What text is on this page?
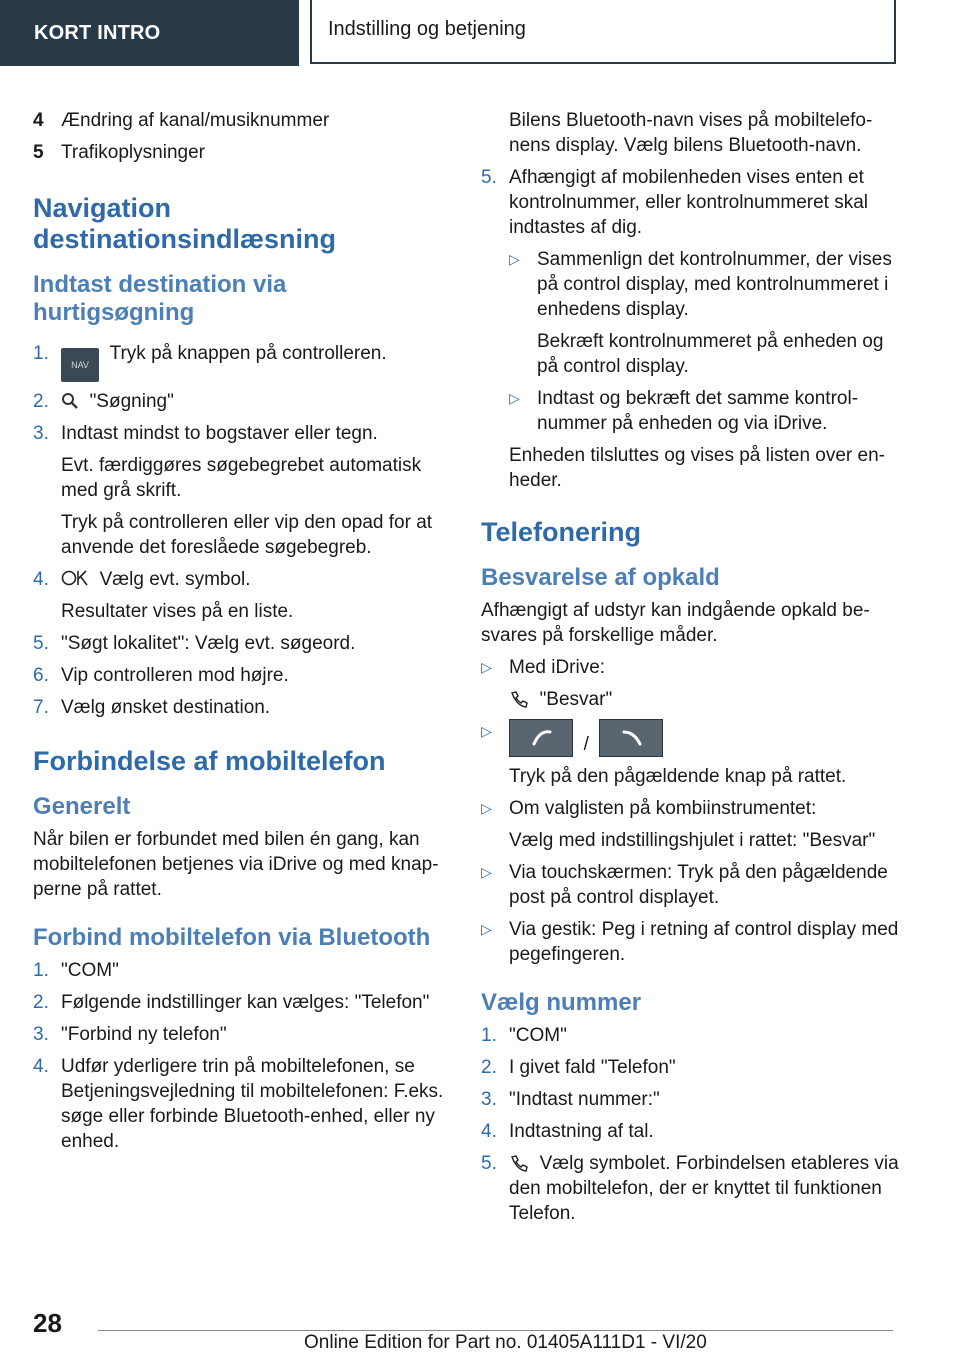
KORT INTRO	Indstilling og betjening
4 Ændring af kanal/musiknummer
5 Trafikoplysninger
Navigation destinationsindlæsning
Indtast destination via hurtigsøgning
1.
NAV  Tryk på knappen på controlleren.
2.	"Søgning"
3. Indtast mindst to bogstaver eller tegn.
Evt. færdiggøres søgebegrebet automatisk med grå skrift.
Tryk på controlleren eller vip den opad for at anvende det foreslåede søgebegreb.
4.	Vælg evt. symbol.
Resultater vises på en liste.
5. "Søgt lokalitet": Vælg evt. søgeord.
6. Vip controlleren mod højre.
7. Vælg ønsket destination.
Forbindelse af mobiltelefon
Generelt
Når bilen er forbundet med bilen én gang, kan mobiltelefonen betjenes via iDrive og med knapperne på rattet.
Forbind mobiltelefon via Bluetooth
1. "COM"
2. Følgende indstillinger kan vælges: "Telefon"
3. "Forbind ny telefon"
4. Udfør yderligere trin på mobiltelefonen, se Betjeningsvejledning til mobiltelefonen: F.eks. søge eller forbinde Bluetooth-enhed, eller ny enhed.
Bilens Bluetooth-navn vises på mobiltelefonens display. Vælg bilens Bluetooth-navn.
5. Afhængigt af mobilenheden vises enten et kontrolnummer, eller kontrolnummeret skal indtastes af dig.
▷ Sammenlign det kontrolnummer, der vises på control display, med kontrolnummeret i enhedens display.
Bekræft kontrolnummeret på enheden og på control display.
▷ Indtast og bekræft det samme kontrolnummer på enheden og via iDrive.
Enheden tilsluttes og vises på listen over enheder.
Telefonering
Besvarelse af opkald
Afhængigt af udstyr kan indgående opkald besvares på forskellige måder.
▷ Med iDrive:
"Besvar"
▷
/
Tryk på den pågældende knap på rattet.
▷ Om valglisten på kombiinstrumentet:
Vælg med indstillingshjulet i rattet: "Besvar"
▷ Via touchskærmen: Tryk på den pågældende post på control displayet.
▷ Via gestik: Peg i retning af control display med pegefingeren.
Vælg nummer
1. "COM"
2. I givet fald "Telefon"
3. "Indtast nummer:"
4. Indtastning af tal.
5.	Vælg symbolet. Forbindelsen etableres via den mobiltelefon, der er knyttet til funktionen Telefon.
28
Online Edition for Part no. 01405A111D1 - VI/20
